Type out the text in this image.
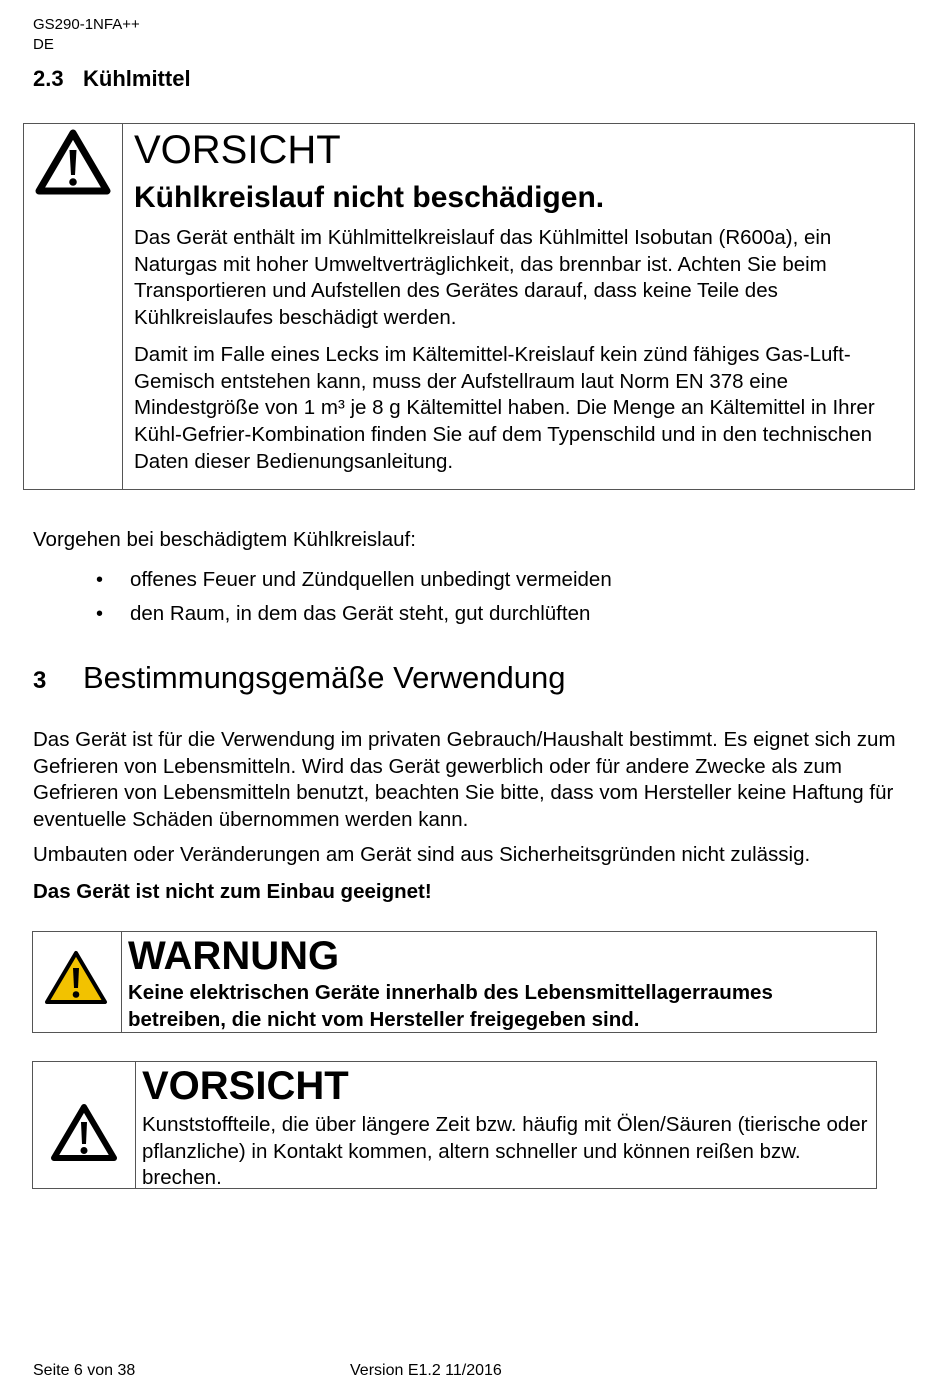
GS290-1NFA++
DE
2.3 Kühlmittel
VORSICHT
Kühlkreislauf nicht beschädigen.

Das Gerät enthält im Kühlmittelkreislauf das Kühlmittel Isobutan (R600a), ein Naturgas mit hoher Umweltverträglichkeit, das brennbar ist. Achten Sie beim Transportieren und Aufstellen des Gerätes darauf, dass keine Teile des Kühlkreislaufes beschädigt werden.

Damit im Falle eines Lecks im Kältemittel-Kreislauf kein zünd fähiges Gas-Luft-Gemisch entstehen kann, muss der Aufstellraum laut Norm EN 378 eine Mindestgröße von 1 m³ je 8 g Kältemittel haben. Die Menge an Kältemittel in Ihrer Kühl-Gefrier-Kombination finden Sie auf dem Typenschild und in den technischen Daten dieser Bedienungsanleitung.

Vorgehen bei beschädigtem Kühlkreislauf:
• offenes Feuer und Zündquellen unbedingt vermeiden
• den Raum, in dem das Gerät steht, gut durchlüften
3 Bestimmungsgemäße Verwendung
Das Gerät ist für die Verwendung im privaten Gebrauch/Haushalt bestimmt. Es eignet sich zum Gefrieren von Lebensmitteln. Wird das Gerät gewerblich oder für andere Zwecke als zum Gefrieren von Lebensmitteln benutzt, beachten Sie bitte, dass vom Hersteller keine Haftung für eventuelle Schäden übernommen werden kann.
Umbauten oder Veränderungen am Gerät sind aus Sicherheitsgründen nicht zulässig.
Das Gerät ist nicht zum Einbau geeignet!
WARNUNG
Keine elektrischen Geräte innerhalb des Lebensmittellagerraumes betreiben, die nicht vom Hersteller freigegeben sind.
VORSICHT
Kunststoffteile, die über längere Zeit bzw. häufig mit Ölen/Säuren (tierische oder pflanzliche) in Kontakt kommen, altern schneller und können reißen bzw. brechen.
Seite 6 von 38	Version E1.2 11/2016
